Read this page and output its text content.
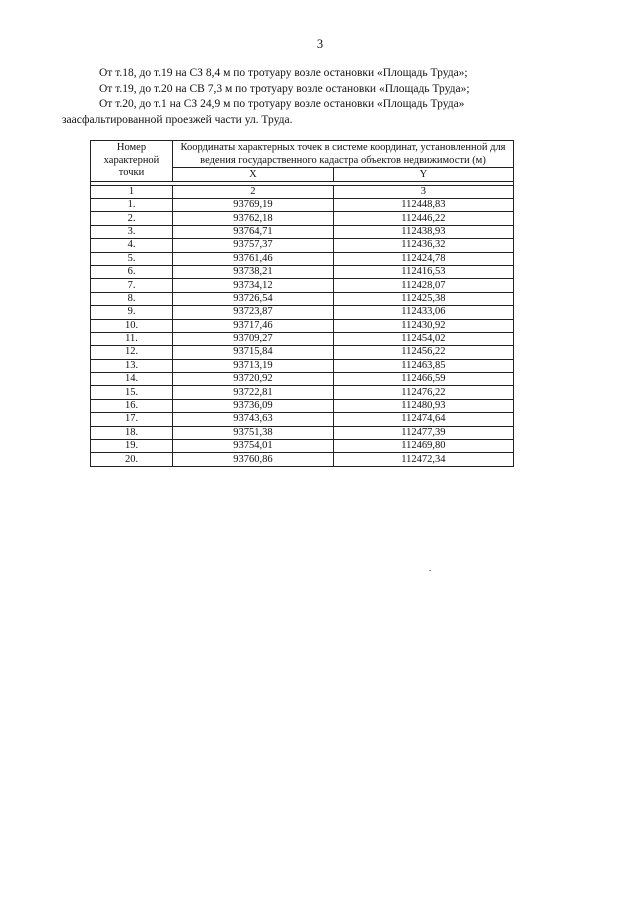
3
От т.18, до т.19 на СЗ 8,4 м по тротуару возле остановки «Площадь Труда»;
От т.19, до т.20 на СВ 7,3 м по тротуару возле остановки «Площадь Труда»;
От т.20, до т.1 на СЗ 24,9 м по тротуару возле остановки «Площадь Труда»
заасфальтированной проезжей части ул. Труда.
Номер характерной точки	Координаты характерных точек в системе координат, установленной для ведения государственного кадастра объектов недвижимости (м)	
	X	Y

1	2	3
1.	93769,19	112448,83
2.	93762,18	112446,22
3.	93764,71	112438,93
4.	93757,37	112436,32
5.	93761,46	112424,78
6.	93738,21	112416,53
7.	93734,12	112428,07
8.	93726,54	112425,38
9.	93723,87	112433,06
10.	93717,46	112430,92
11.	93709,27	112454,02
12.	93715,84	112456,22
13.	93713,19	112463,85
14.	93720,92	112466,59
15.	93722,81	112476,22
16.	93736,09	112480,93
17.	93743,63	112474,64
18.	93751,38	112477,39
19.	93754,01	112469,80
20.	93760,86	112472,34
